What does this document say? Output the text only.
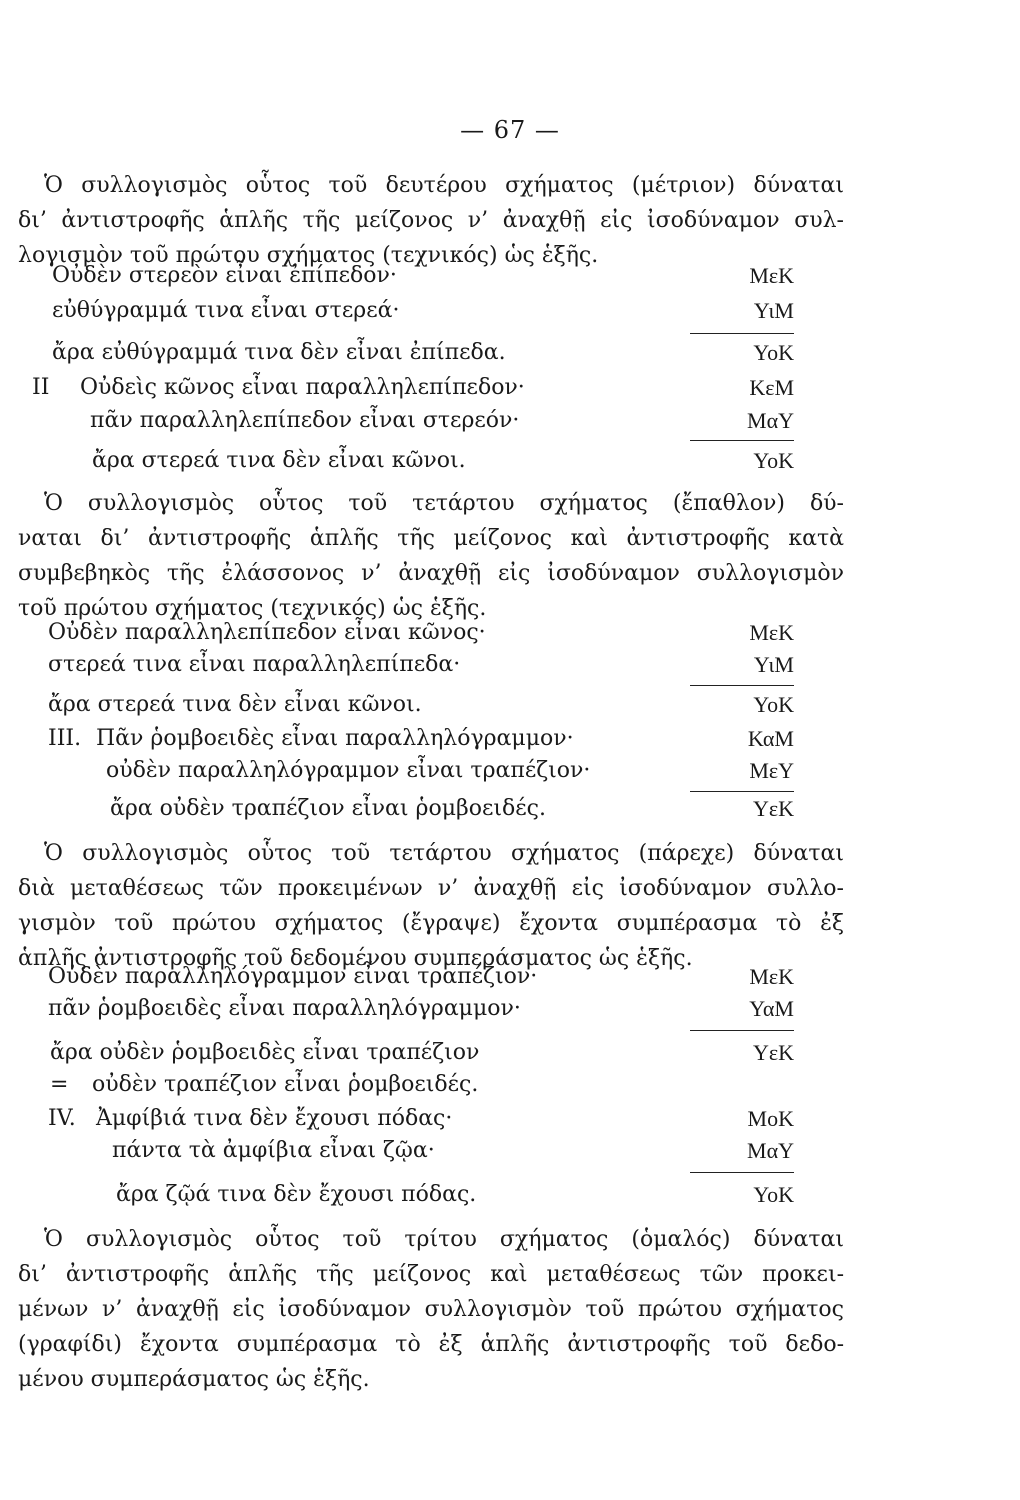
— 67 —
Ὁ συλλογισμὸς οὗτος τοῦ δευτέρου σχήματος (μέτριον) δύναται
δι’ ἀντιστροφῆς ἁπλῆς τῆς μείζονος ν’ ἀναχθῇ εἰς ἰσοδύναμον συλ-
λογισμὸν τοῦ πρώτου σχήματος (τεχνικός) ὡς ἑξῆς.
Οὐδὲν στερεὸν εἶναι ἐπίπεδον·	ΜεΚ
εὐθύγραμμά τινα εἶναι στερεά·	ΥιΜ
ἄρα εὐθύγραμμά τινα δὲν εἶναι ἐπίπεδα.	ΥοΚ
ΙΙ Οὐδεὶς κῶνος εἶναι παραλληλεπίπεδον·	ΚεΜ
πᾶν παραλληλεπίπεδον εἶναι στερεόν·	ΜαΥ
ἄρα στερεά τινα δὲν εἶναι κῶνοι.	ΥοΚ
Ὁ συλλογισμὸς οὗτος τοῦ τετάρτου σχήματος (ἔπαθλον) δύ-
ναται δι’ ἀντιστροφῆς ἁπλῆς τῆς μείζονος καὶ ἀντιστροφῆς κατὰ
συμβεβηκὸς τῆς ἐλάσσονος ν’ ἀναχθῇ εἰς ἰσοδύναμον συλλογισμὸν
τοῦ πρώτου σχήματος (τεχνικός) ὡς ἑξῆς.
Οὐδὲν παραλληλεπίπεδον εἶναι κῶνος·	ΜεΚ
στερεά τινα εἶναι παραλληλεπίπεδα·	ΥιΜ
ἄρα στερεά τινα δὲν εἶναι κῶνοι.	ΥοΚ
ΙΙΙ. Πᾶν ῥομβοειδὲς εἶναι παραλληλόγραμμον·	ΚαΜ
οὐδὲν παραλληλόγραμμον εἶναι τραπέζιον·	ΜεΥ
ἄρα οὐδὲν τραπέζιον εἶναι ῥομβοειδές.	ΥεΚ
Ὁ συλλογισμὸς οὗτος τοῦ τετάρτου σχήματος (πάρεχε) δύναται
διὰ μεταθέσεως τῶν προκειμένων ν’ ἀναχθῇ εἰς ἰσοδύναμον συλλο-
γισμὸν τοῦ πρώτου σχήματος (ἔγραψε) ἔχοντα συμπέρασμα τὸ ἐξ
ἁπλῆς ἀντιστροφῆς τοῦ δεδομένου συμπεράσματος ὡς ἑξῆς.
Οὐδὲν παραλληλόγραμμον εἶναι τραπέζιον·	ΜεΚ
πᾶν ῥομβοειδὲς εἶναι παραλληλόγραμμον·	ΥαΜ
ἄρα οὐδὲν ῥομβοειδὲς εἶναι τραπέζιον	ΥεΚ
= οὐδὲν τραπέζιον εἶναι ῥομβοειδές.
ΙV. Ἀμφίβιά τινα δὲν ἔχουσι πόδας·	ΜοΚ
πάντα τὰ ἀμφίβια εἶναι ζῷα·	ΜαΥ
ἄρα ζῷά τινα δὲν ἔχουσι πόδας.	ΥοΚ
Ὁ συλλογισμὸς οὗτος τοῦ τρίτου σχήματος (ὁμαλός) δύναται
δι’ ἀντιστροφῆς ἁπλῆς τῆς μείζονος καὶ μεταθέσεως τῶν προκει-
μένων ν’ ἀναχθῇ εἰς ἰσοδύναμον συλλογισμὸν τοῦ πρώτου σχήματος
(γραφίδι) ἔχοντα συμπέρασμα τὸ ἐξ ἁπλῆς ἀντιστροφῆς τοῦ δεδο-
μένου συμπεράσματος ὡς ἑξῆς.
